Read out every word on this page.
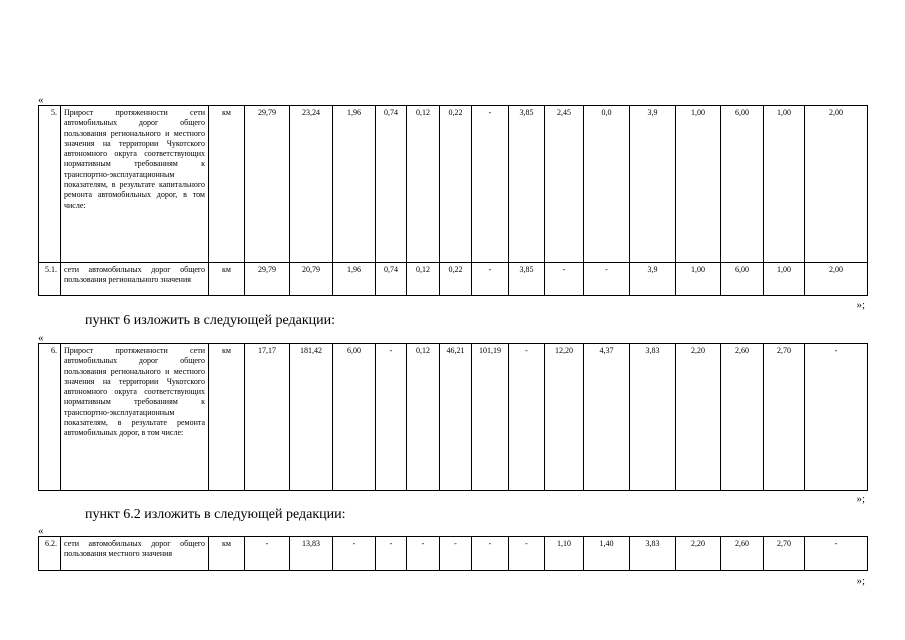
«
5.	Прирост протяженности сети автомобильных дорог общего пользования регионального и местного значения на территории Чукотского автономного округа соответствующих нормативным требованиям к транспортно-эксплуатационным показателям, в результате капитального ремонта автомобильных дорог, в том числе:	км	29,79	23,24	1,96	0,74	0,12	0,22	-	3,85	2,45	0,0	3,9	1,00	6,00	1,00	2,00
5.1.	сети автомобильных дорог общего пользования регионального значения	км	29,79	20,79	1,96	0,74	0,12	0,22	-	3,85	-	-	3,9	1,00	6,00	1,00	2,00
»;
пункт 6 изложить в следующей редакции:
«
6.	Прирост протяженности сети автомобильных дорог общего пользования регионального и местного значения на территории Чукотского автономного округа соответствующих нормативным требованиям к транспортно-эксплуатационным показателям, в результате ремонта автомобильных дорог, в том числе:	км	17,17	181,42	6,00	-	0,12	46,21	101,19	-	12,20	4,37	3,83	2,20	2,60	2,70	-
»;
пункт 6.2 изложить в следующей редакции:
«
6.2.	сети автомобильных дорог общего пользования местного значения	км	-	13,83	-	-	-	-	-	-	1,10	1,40	3,83	2,20	2,60	2,70	-
»;
